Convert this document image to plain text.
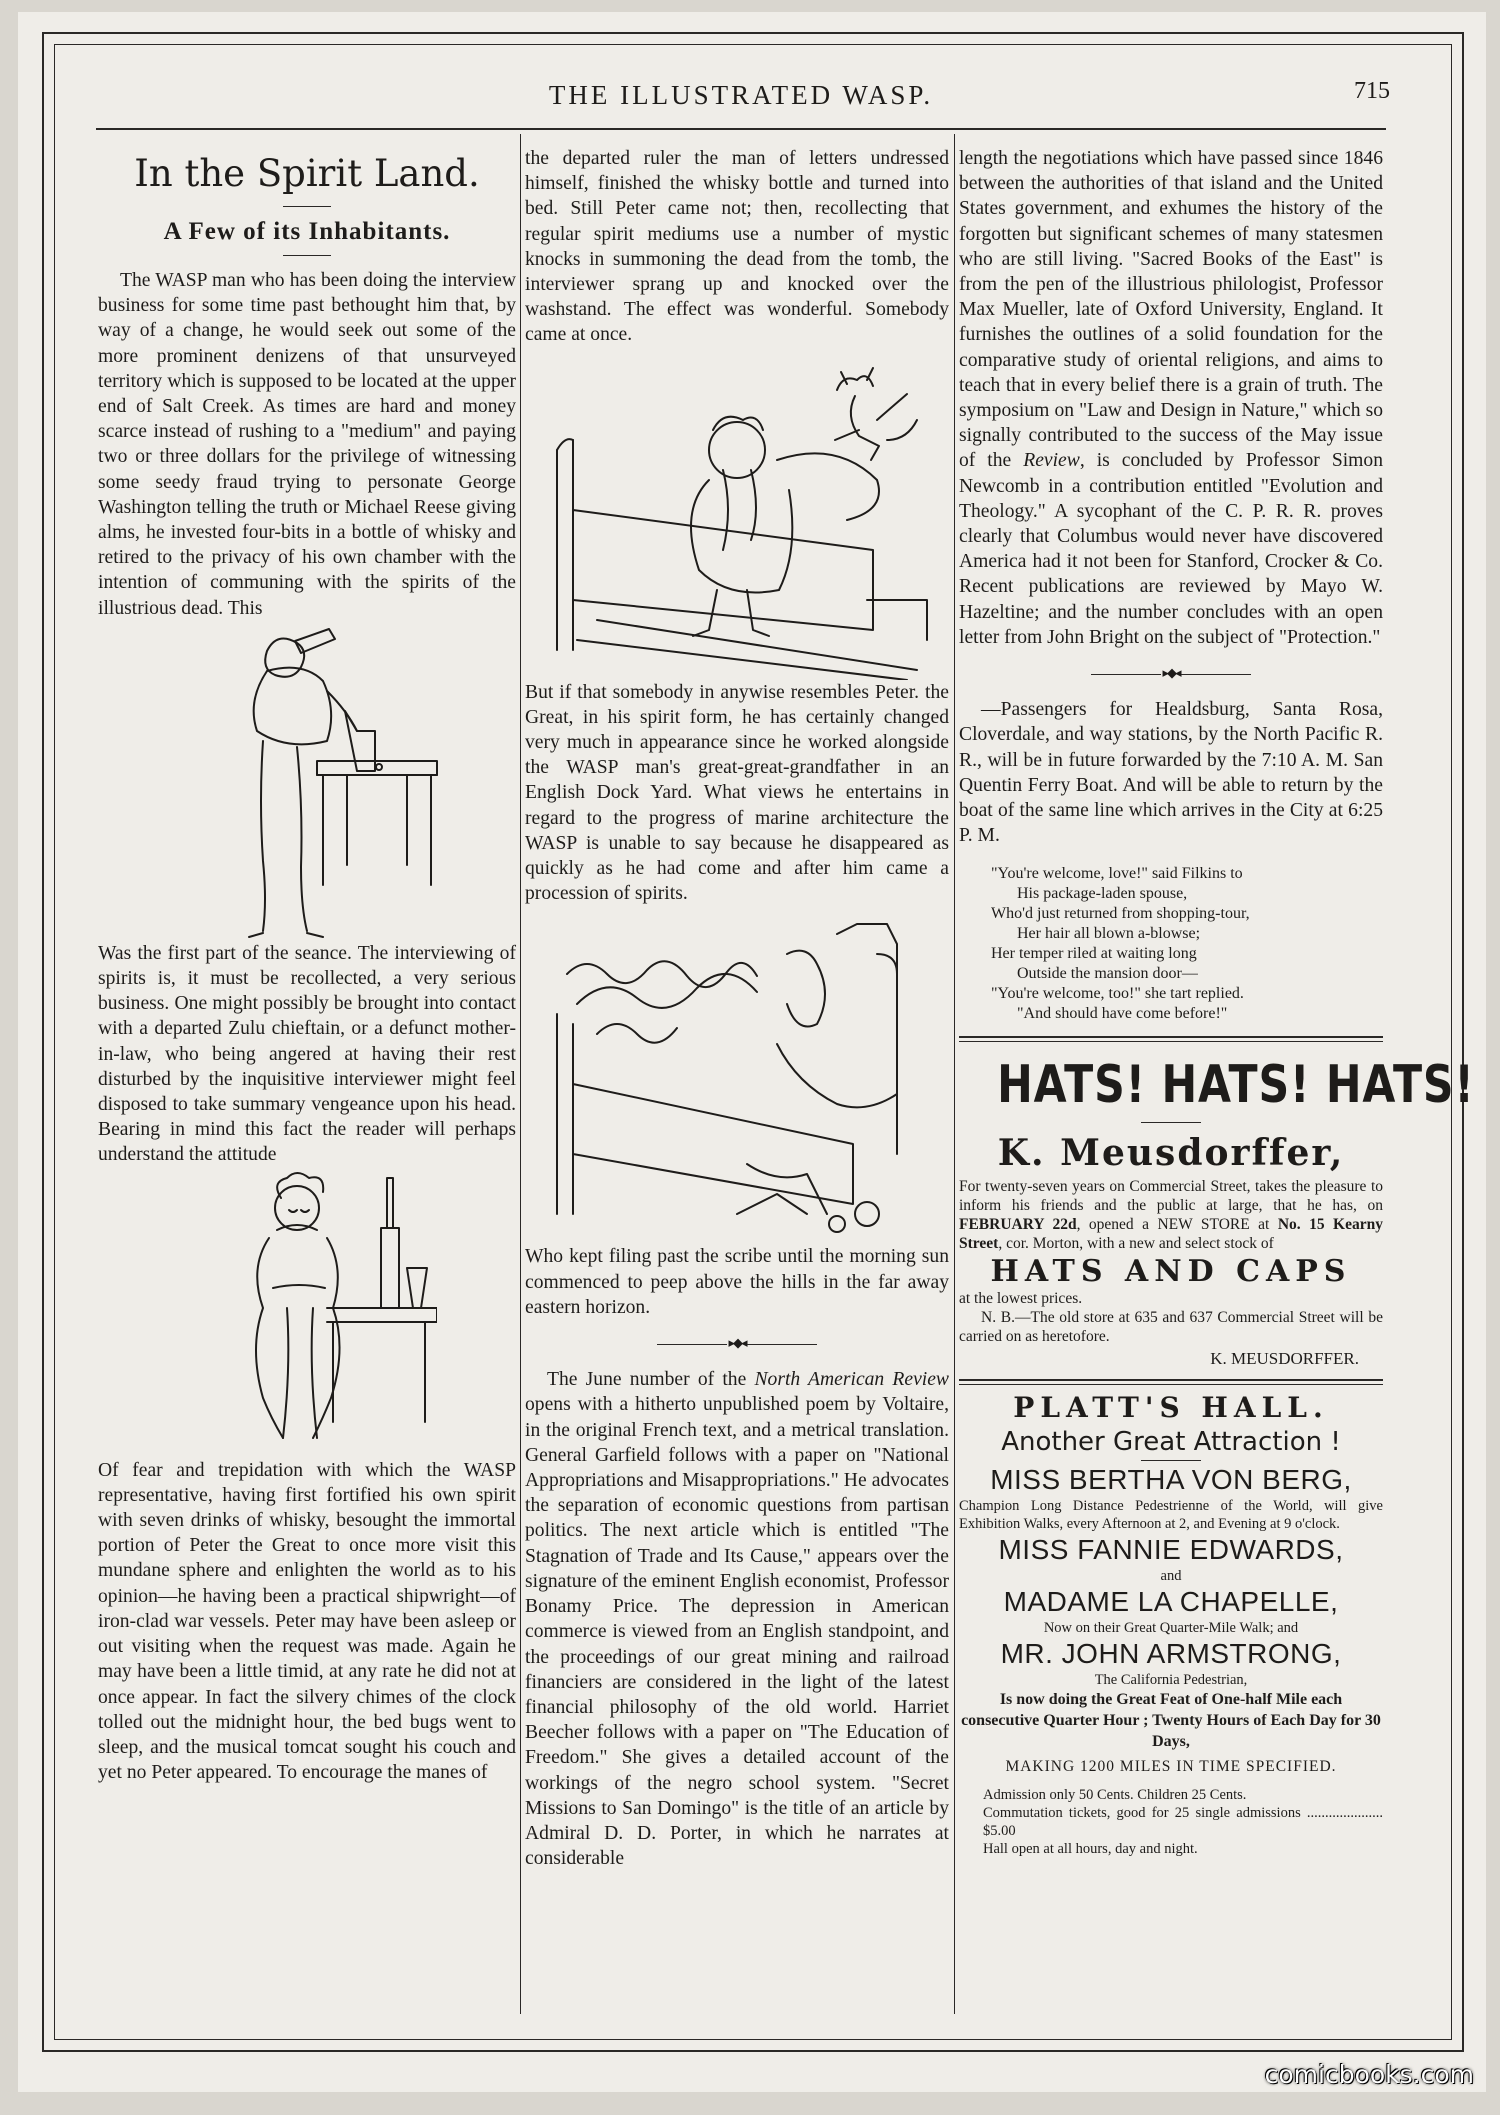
THE ILLUSTRATED WASP.	715
In the Spirit Land.
A Few of its Inhabitants.

The WASP man who has been doing the interview business for some time past bethought him that, by way of a change, he would seek out some of the more prominent denizens of that unsurveyed territory which is supposed to be located at the upper end of Salt Creek. As times are hard and money scarce instead of rushing to a "medium" and paying two or three dollars for the privilege of witnessing some seedy fraud trying to personate George Washington telling the truth or Michael Reese giving alms, he invested four-bits in a bottle of whisky and retired to the privacy of his own chamber with the intention of communing with the spirits of the illustrious dead. This

Was the first part of the seance. The interviewing of spirits is, it must be recollected, a very serious business. One might possibly be brought into contact with a departed Zulu chieftain, or a defunct mother-in-law, who being angered at having their rest disturbed by the inquisitive interviewer might feel disposed to take summary vengeance upon his head. Bearing in mind this fact the reader will perhaps understand the attitude

Of fear and trepidation with which the WASP representative, having first fortified his own spirit with seven drinks of whisky, besought the immortal portion of Peter the Great to once more visit this mundane sphere and enlighten the world as to his opinion—he having been a practical shipwright—of iron-clad war vessels. Peter may have been asleep or out visiting when the request was made. Again he may have been a little timid, at any rate he did not at once appear. In fact the silvery chimes of the clock tolled out the midnight hour, the bed bugs went to sleep, and the musical tomcat sought his couch and yet no Peter appeared. To encourage the manes of

the departed ruler the man of letters undressed himself, finished the whisky bottle and turned into bed. Still Peter came not; then, recollecting that regular spirit mediums use a number of mystic knocks in summoning the dead from the tomb, the interviewer sprang up and knocked over the washstand. The effect was wonderful. Somebody came at once.

But if that somebody in anywise resembles Peter. the Great, in his spirit form, he has certainly changed very much in appearance since he worked alongside the WASP man's great-great-grandfather in an English Dock Yard. What views he entertains in regard to the progress of marine architecture the WASP is unable to say because he disappeared as quickly as he had come and after him came a procession of spirits.

Who kept filing past the scribe until the morning sun commenced to peep above the hills in the far away eastern horizon.

▸◆◂

The June number of the North American Review opens with a hitherto unpublished poem by Voltaire, in the original French text, and a metrical translation. General Garfield follows with a paper on "National Appropriations and Misappropriations." He advocates the separation of economic questions from partisan politics. The next article which is entitled "The Stagnation of Trade and Its Cause," appears over the signature of the eminent English economist, Professor Bonamy Price. The depression in American commerce is viewed from an English standpoint, and the proceedings of our great mining and railroad financiers are considered in the light of the latest financial philosophy of the old world. Harriet Beecher follows with a paper on "The Education of Freedom." She gives a detailed account of the workings of the negro school system. "Secret Missions to San Domingo" is the title of an article by Admiral D. D. Porter, in which he narrates at considerable

length the negotiations which have passed since 1846 between the authorities of that island and the United States government, and exhumes the history of the forgotten but significant schemes of many statesmen who are still living. "Sacred Books of the East" is from the pen of the illustrious philologist, Professor Max Mueller, late of Oxford University, England. It furnishes the outlines of a solid foundation for the comparative study of oriental religions, and aims to teach that in every belief there is a grain of truth. The symposium on "Law and Design in Nature," which so signally contributed to the success of the May issue of the Review, is concluded by Professor Simon Newcomb in a contribution entitled "Evolution and Theology." A sycophant of the C. P. R. R. proves clearly that Columbus would never have discovered America had it not been for Stanford, Crocker & Co. Recent publications are reviewed by Mayo W. Hazeltine; and the number concludes with an open letter from John Bright on the subject of "Protection."

▸◆◂

—Passengers for Healdsburg, Santa Rosa, Cloverdale, and way stations, by the North Pacific R. R., will be in future forwarded by the 7:10 A. M. San Quentin Ferry Boat. And will be able to return by the boat of the same line which arrives in the City at 6:25 P. M.

"You're welcome, love!" said Filkins to
His package-laden spouse,
Who'd just returned from shopping-tour,
Her hair all blown a-blowse;
Her temper riled at waiting long
Outside the mansion door—
"You're welcome, too!" she tart replied.
"And should have come before!"
HATS! HATS! HATS!
K. Meusdorffer,

For twenty-seven years on Commercial Street, takes the pleasure to inform his friends and the public at large, that he has, on FEBRUARY 22d, opened a NEW STORE at No. 15 Kearny Street, cor. Morton, with a new and select stock of

HATS AND CAPS

at the lowest prices.

N. B.—The old store at 635 and 637 Commercial Street will be carried on as heretofore.

K. MEUSDORFFER.
PLATT'S HALL.
Another Great Attraction !
MISS BERTHA VON BERG,

Champion Long Distance Pedestrienne of the World, will give Exhibition Walks, every Afternoon at 2, and Evening at 9 o'clock.

MISS FANNIE EDWARDS,
and
MADAME LA CHAPELLE,
Now on their Great Quarter-Mile Walk; and
MR. JOHN ARMSTRONG,
The California Pedestrian,
Is now doing the Great Feat of One-half Mile each consecutive Quarter Hour ; Twenty Hours of Each Day for 30 Days,
MAKING 1200 MILES IN TIME SPECIFIED.
Admission only 50 Cents. Children 25 Cents.
Commutation tickets, good for 25 single admissions ..................... $5.00
Hall open at all hours, day and night.
comicbooks.com
